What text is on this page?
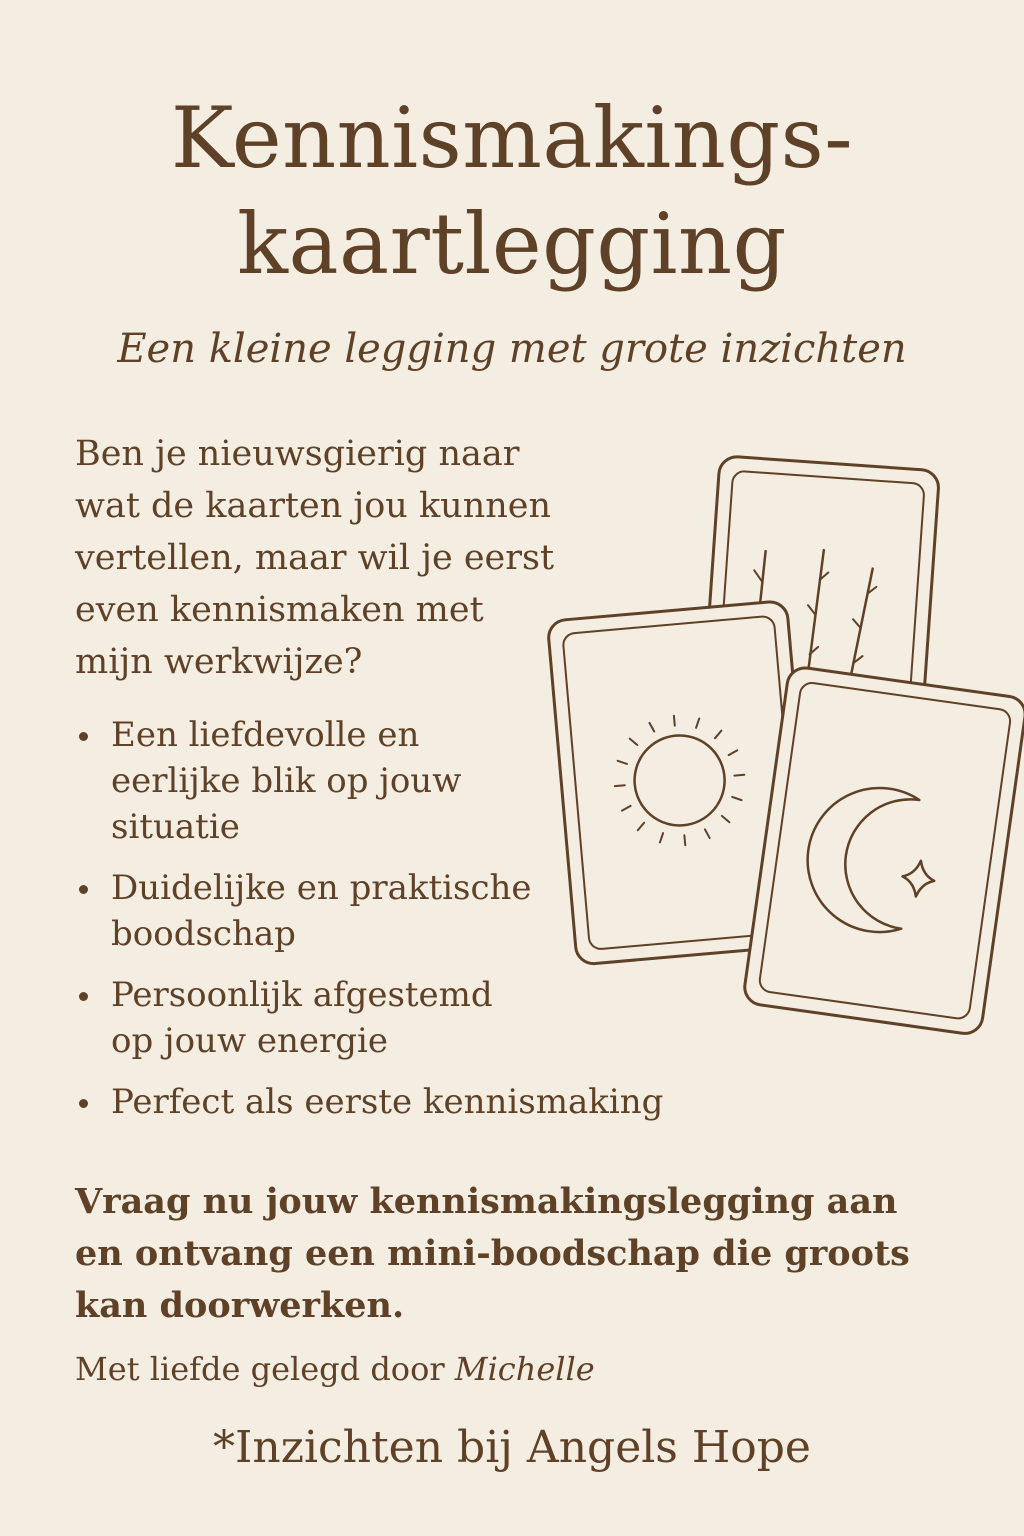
Kennismakings-
kaartlegging

Een kleine legging met grote inzichten

Ben je nieuwsgierig naar
wat de kaarten jou kunnen
vertellen, maar wil je eerst
even kennismaken met
mijn werkwijze?

Een liefdevolle en
eerlijke blik op jouw
situatie
Duidelijke en praktische
boodschap
Persoonlijk afgestemd
op jouw energie
Perfect als eerste kennismaking

Vraag nu jouw kennismakingslegging aan
en ontvang een mini-boodschap die groots
kan doorwerken.

Met liefde gelegd door Michelle

*Inzichten bij Angels Hope
